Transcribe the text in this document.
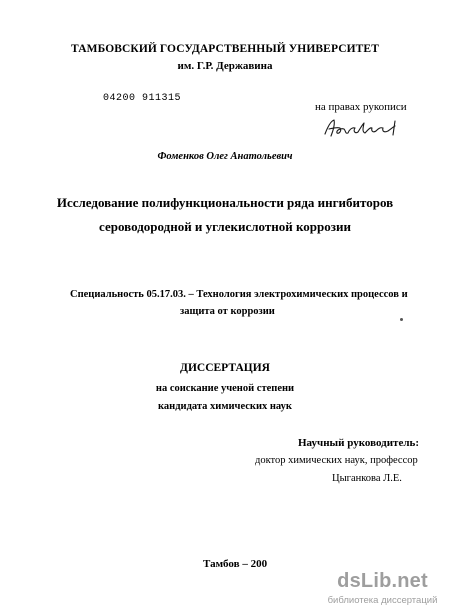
ТАМБОВСКИЙ ГОСУДАРСТВЕННЫЙ УНИВЕРСИТЕТ
им. Г.Р. Державина
04200 911315
на правах рукописи
Фоменков Олег Анатольевич
Исследование полифункциональности ряда ингибиторов
сероводородной и углекислотной коррозии
Специальность 05.17.03. – Технология электрохимических процессов и
защита от коррозии
ДИССЕРТАЦИЯ
на соискание ученой степени
кандидата химических наук
Научный руководитель:
доктор химических наук, профессор
Цыганкова Л.Е.
Тамбов – 200
dsLib.net
библиотека диссертаций
